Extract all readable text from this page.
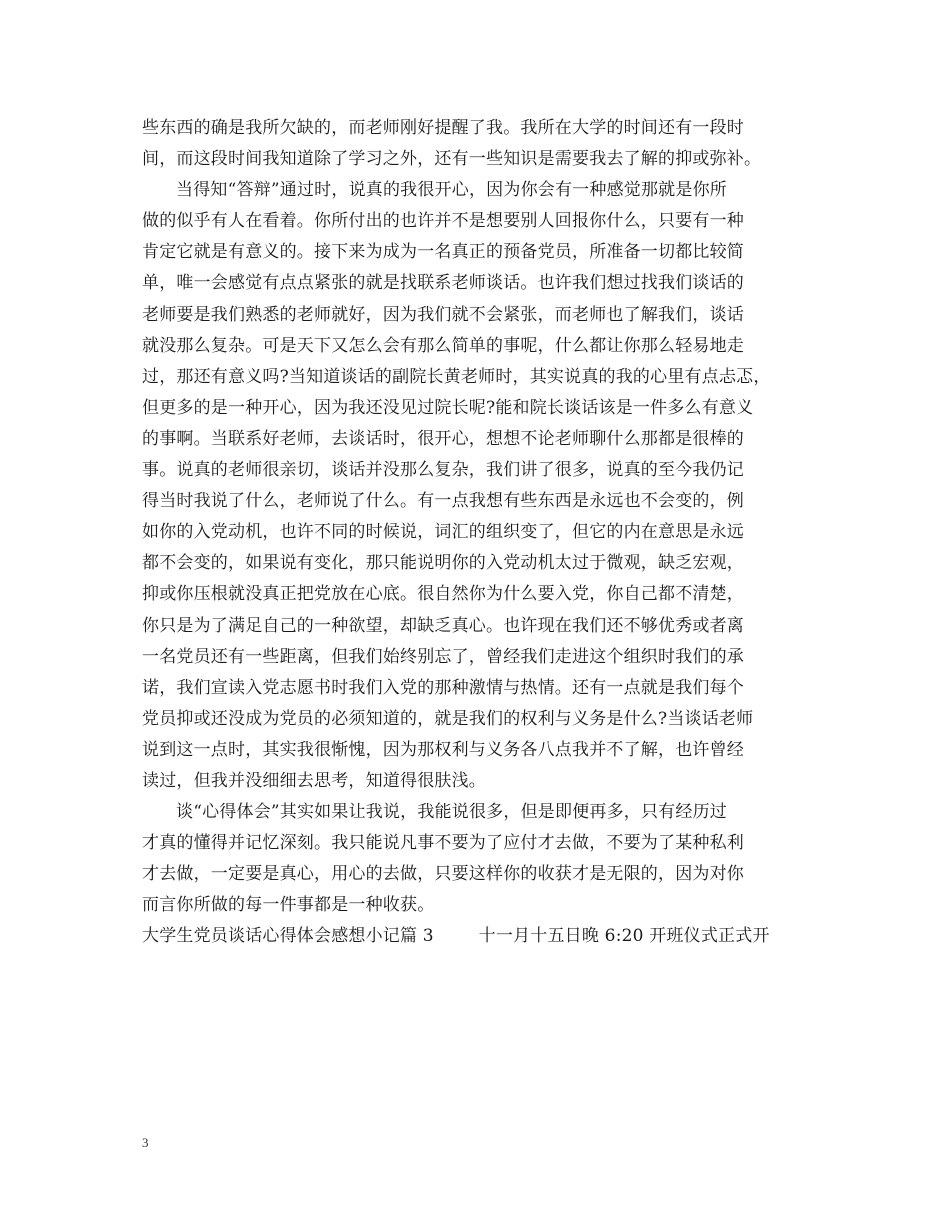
些东西的确是我所欠缺的，而老师刚好提醒了我。我所在大学的时间还有一段时
间，而这段时间我知道除了学习之外，还有一些知识是需要我去了解的抑或弥补。
当得知“答辩”通过时，说真的我很开心，因为你会有一种感觉那就是你所
做的似乎有人在看着。你所付出的也许并不是想要别人回报你什么，只要有一种
肯定它就是有意义的。接下来为成为一名真正的预备党员，所准备一切都比较简
单，唯一会感觉有点点紧张的就是找联系老师谈话。也许我们想过找我们谈话的
老师要是我们熟悉的老师就好，因为我们就不会紧张，而老师也了解我们，谈话
就没那么复杂。可是天下又怎么会有那么简单的事呢，什么都让你那么轻易地走
过，那还有意义吗?当知道谈话的副院长黄老师时，其实说真的我的心里有点忐忑，
但更多的是一种开心，因为我还没见过院长呢?能和院长谈话该是一件多么有意义
的事啊。当联系好老师，去谈话时，很开心，想想不论老师聊什么那都是很棒的
事。说真的老师很亲切，谈话并没那么复杂，我们讲了很多，说真的至今我仍记
得当时我说了什么，老师说了什么。有一点我想有些东西是永远也不会变的，例
如你的入党动机，也许不同的时候说，词汇的组织变了，但它的内在意思是永远
都不会变的，如果说有变化，那只能说明你的入党动机太过于微观，缺乏宏观，
抑或你压根就没真正把党放在心底。很自然你为什么要入党，你自己都不清楚，
你只是为了满足自己的一种欲望，却缺乏真心。也许现在我们还不够优秀或者离
一名党员还有一些距离，但我们始终别忘了，曾经我们走进这个组织时我们的承
诺，我们宣读入党志愿书时我们入党的那种激情与热情。还有一点就是我们每个
党员抑或还没成为党员的必须知道的，就是我们的权利与义务是什么?当谈话老师
说到这一点时，其实我很惭愧，因为那权利与义务各八点我并不了解，也许曾经
读过，但我并没细细去思考，知道得很肤浅。
谈“心得体会”其实如果让我说，我能说很多，但是即便再多，只有经历过
才真的懂得并记忆深刻。我只能说凡事不要为了应付才去做，不要为了某种私利
才去做，一定要是真心，用心的去做，只要这样你的收获才是无限的，因为对你
而言你所做的每一件事都是一种收获。
大学生党员谈话心得体会感想小记篇 3	十一月十五日晚 6:20 开班仪式正式开
3
